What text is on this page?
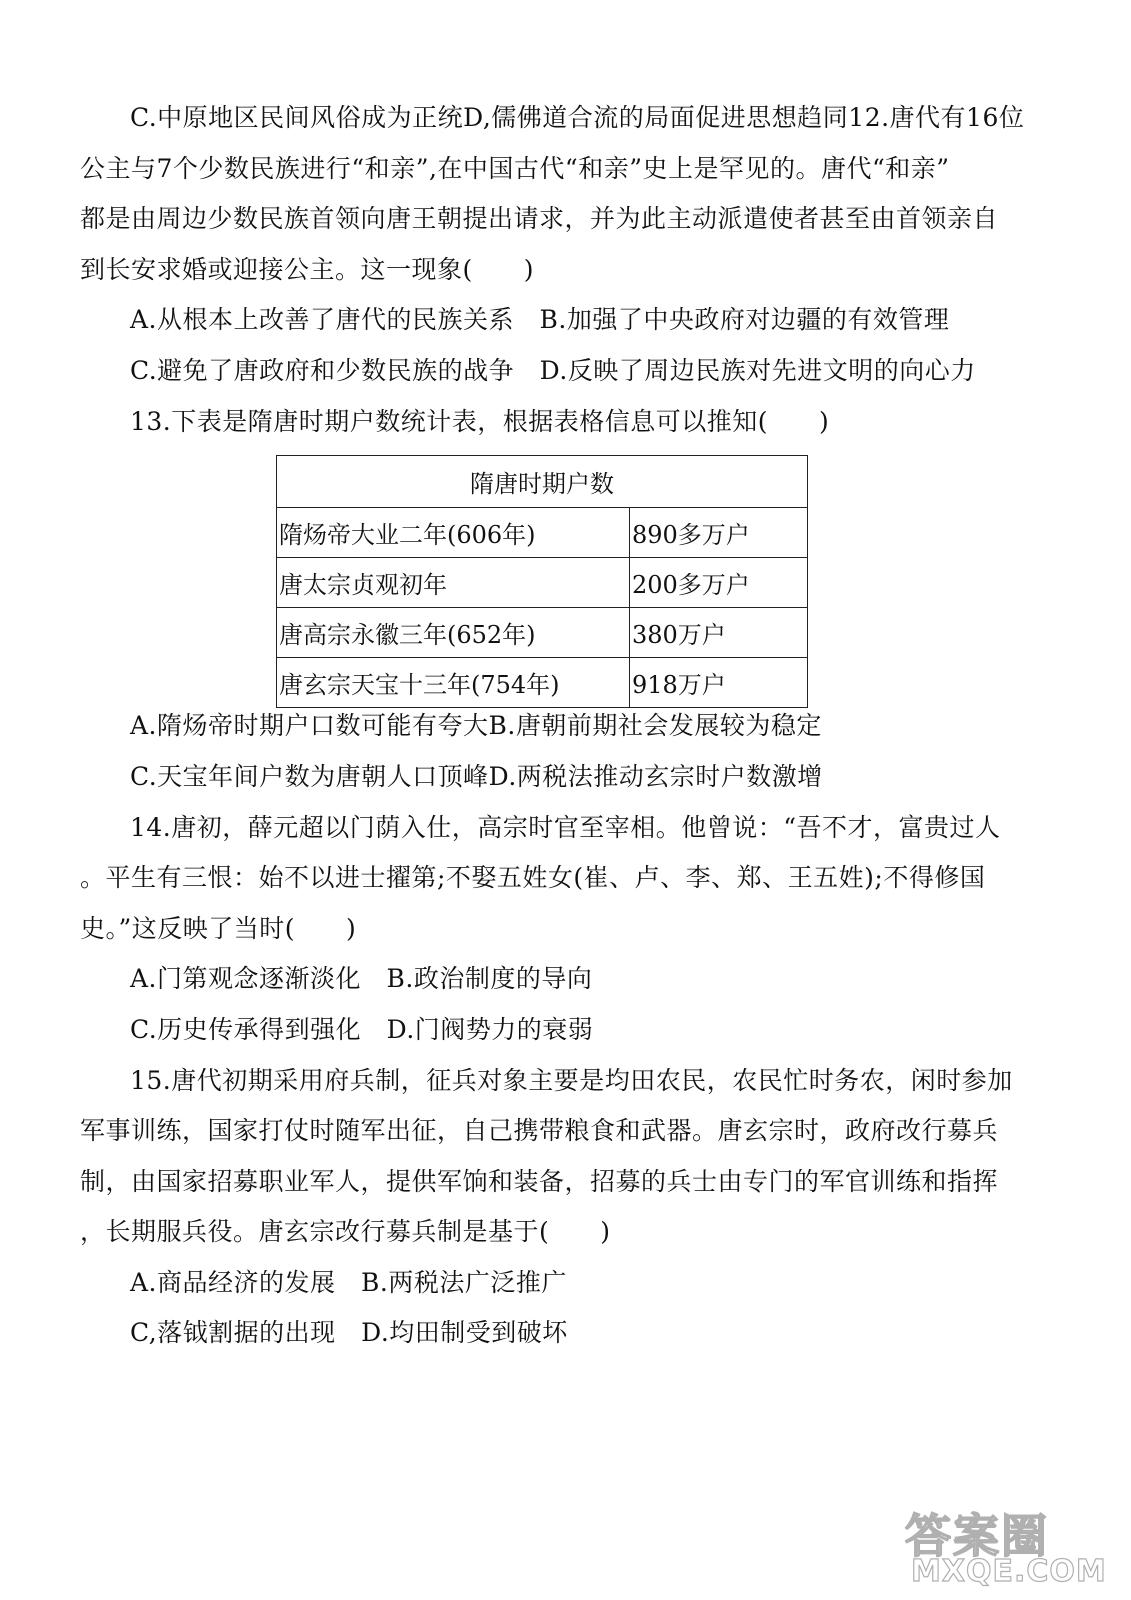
C.中原地区民间风俗成为正统D,儒佛道合流的局面促进思想趋同12.唐代有16位
公主与7个少数民族进行“和亲”,在中国古代“和亲”史上是罕见的。唐代“和亲”
都是由周边少数民族首领向唐王朝提出请求，并为此主动派遣使者甚至由首领亲自
到长安求婚或迎接公主。这一现象(　　)
A.从根本上改善了唐代的民族关系　B.加强了中央政府对边疆的有效管理
C.避免了唐政府和少数民族的战争　D.反映了周边民族对先进文明的向心力
13.下表是隋唐时期户数统计表，根据表格信息可以推知(　　)
隋唐时期户数	
隋炀帝大业二年(606年)	890多万户
唐太宗贞观初年	200多万户
唐高宗永徽三年(652年)	380万户
唐玄宗天宝十三年(754年)	918万户
A.隋炀帝时期户口数可能有夸大B.唐朝前期社会发展较为稳定
C.天宝年间户数为唐朝人口顶峰D.两税法推动玄宗时户数激增
14.唐初，薛元超以门荫入仕，高宗时官至宰相。他曾说：“吾不才，富贵过人
。平生有三恨：始不以进士擢第;不娶五姓女(崔、卢、李、郑、王五姓);不得修国
史。”这反映了当时(　　)
A.门第观念逐渐淡化　B.政治制度的导向
C.历史传承得到强化　D.门阀势力的衰弱
15.唐代初期采用府兵制，征兵对象主要是均田农民，农民忙时务农，闲时参加
军事训练，国家打仗时随军出征，自己携带粮食和武器。唐玄宗时，政府改行募兵
制，由国家招募职业军人，提供军饷和装备，招募的兵士由专门的军官训练和指挥
，长期服兵役。唐玄宗改行募兵制是基于(　　)
A.商品经济的发展　B.两税法广泛推广
C,落钺割据的出现　D.均田制受到破坏
答案圈
MXQE.COM
